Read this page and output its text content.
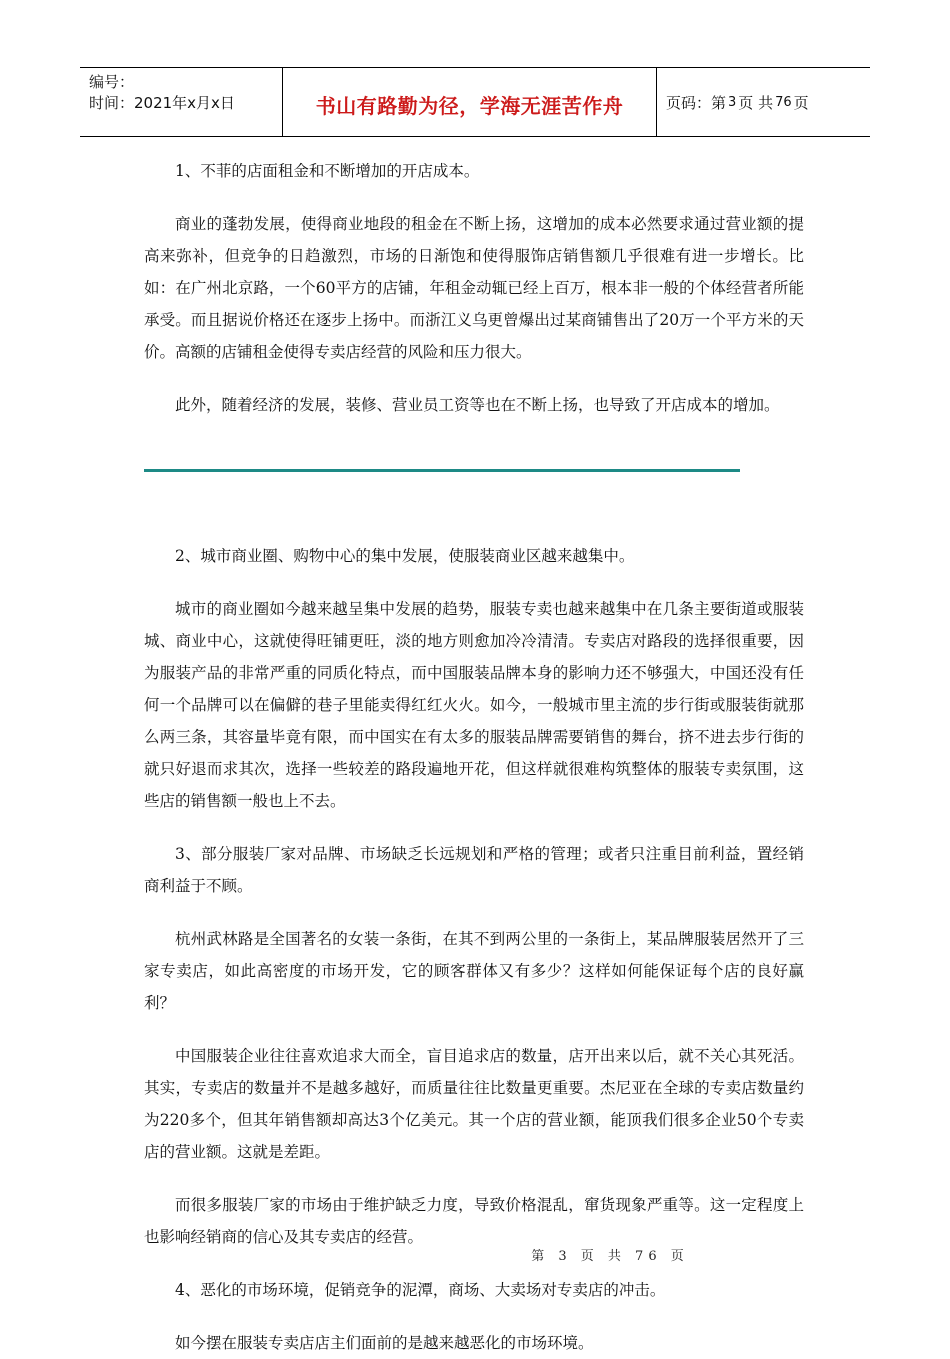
编号：
时间：2021年x月x日	书山有路勤为径，学海无涯苦作舟	页码：第 3 页 共 76 页

1、不菲的店面租金和不断增加的开店成本。

商业的蓬勃发展，使得商业地段的租金在不断上扬，这增加的成本必然要求通过营业额的提高来弥补，但竞争的日趋激烈，市场的日渐饱和使得服饰店销售额几乎很难有进一步增长。比如：在广州北京路，一个60平方的店铺，年租金动辄已经上百万，根本非一般的个体经营者所能承受。而且据说价格还在逐步上扬中。而浙江义乌更曾爆出过某商铺售出了20万一个平方米的天价。高额的店铺租金使得专卖店经营的风险和压力很大。

此外，随着经济的发展，装修、营业员工资等也在不断上扬，也导致了开店成本的增加。

2、城市商业圈、购物中心的集中发展，使服装商业区越来越集中。

城市的商业圈如今越来越呈集中发展的趋势，服装专卖也越来越集中在几条主要街道或服装城、商业中心，这就使得旺铺更旺，淡的地方则愈加冷冷清清。专卖店对路段的选择很重要，因为服装产品的非常严重的同质化特点，而中国服装品牌本身的影响力还不够强大，中国还没有任何一个品牌可以在偏僻的巷子里能卖得红红火火。如今，一般城市里主流的步行街或服装街就那么两三条，其容量毕竟有限，而中国实在有太多的服装品牌需要销售的舞台，挤不进去步行街的就只好退而求其次，选择一些较差的路段遍地开花，但这样就很难构筑整体的服装专卖氛围，这些店的销售额一般也上不去。

3、部分服装厂家对品牌、市场缺乏长远规划和严格的管理；或者只注重目前利益，置经销商利益于不顾。

杭州武林路是全国著名的女装一条街，在其不到两公里的一条街上，某品牌服装居然开了三家专卖店，如此高密度的市场开发，它的顾客群体又有多少？这样如何能保证每个店的良好赢利？

中国服装企业往往喜欢追求大而全，盲目追求店的数量，店开出来以后，就不关心其死活。其实，专卖店的数量并不是越多越好，而质量往往比数量更重要。杰尼亚在全球的专卖店数量约为220多个，但其年销售额却高达3个亿美元。其一个店的营业额，能顶我们很多企业50个专卖店的营业额。这就是差距。

而很多服装厂家的市场由于维护缺乏力度，导致价格混乱，窜货现象严重等。这一定程度上也影响经销商的信心及其专卖店的经营。

4、恶化的市场环境，促销竞争的泥潭，商场、大卖场对专卖店的冲击。

如今摆在服装专卖店店主们面前的是越来越恶化的市场环境。

第 3 页 共 76 页
